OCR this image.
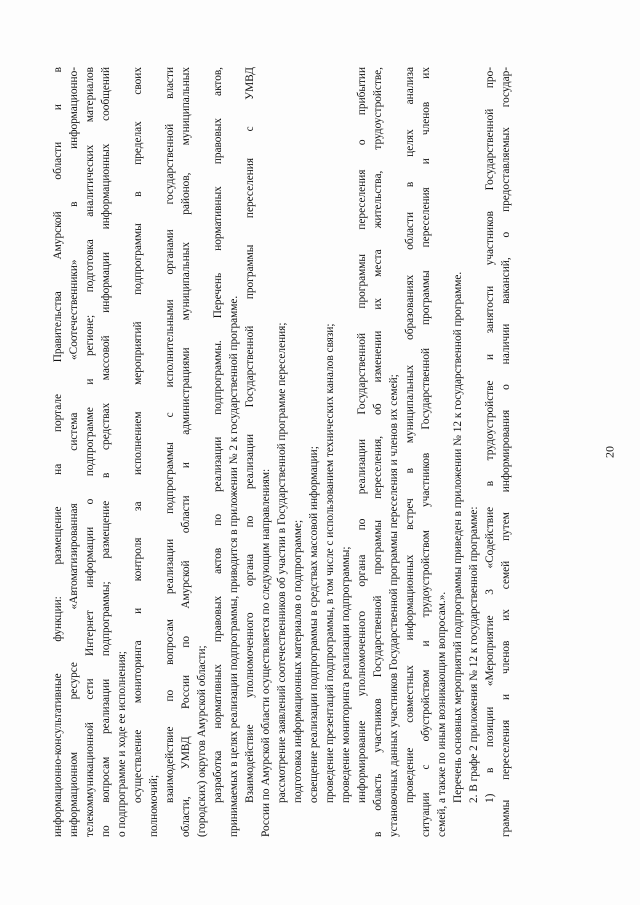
20
информационно-консультативные функции: размещение на портале Правительства Амурской области и в информационном ресурсе «Автоматизированная система «Соотечественники» в информационно- телекоммуникационной сети Интернет информации о подпрограмме и регионе; подготовка аналитических материалов по вопросам реализации подпрограммы; размещение в средствах массовой информации информационных сообщений о подпрограмме и ходе ее исполнения; осуществление мониторинга и контроля за исполнением мероприятий подпрограммы в пределах своих
полномочий;
взаимодействие по вопросам реализации подпрограммы с исполнительными органами государственной власти области, УМВД России по Амурской области и администрациями муниципальных районов, муниципальных (городских) округов Амурской области; разработка нормативных правовых актов по реализации подпрограммы. Перечень нормативных правовых актов, принимаемых в целях реализации подпрограммы, приводится в приложении № 2 к государственной программе. Взаимодействие уполномоченного органа по реализации Государственной программы переселения с УМВД России по Амурской области осуществляется по следующим направлениям: рассмотрение заявлений соотечественников об участии в Государственной программе переселения; подготовка информационных материалов о подпрограмме; освещение реализации подпрограммы в средствах массовой информации; проведение презентаций подпрограммы, в том числе с использованием технических каналов связи; проведение мониторинга реализации подпрограммы; информирование уполномоченного органа по реализации Государственной программы переселения о прибытии в область участников Государственной программы переселения, об изменении их места жительства, трудоустройстве, установочных данных участников Государственной программы переселения и членов их семей; проведение совместных информационных встреч в муниципальных образованиях области в целях анализа ситуации с обустройством и трудоустройством участников Государственной программы переселения и членов их семей, а также по иным возникающим вопросам.». Перечень основных мероприятий подпрограммы приведен в приложении № 12 к государственной программе. 2. В графе 2 приложения № 12 к государственной программе: 1) в позиции «Мероприятие 3 «Содействие в трудоустройстве и занятости участников Государственной про- граммы переселения и членов их семей путем информирования о наличии вакансий, о предоставляемых государ-
